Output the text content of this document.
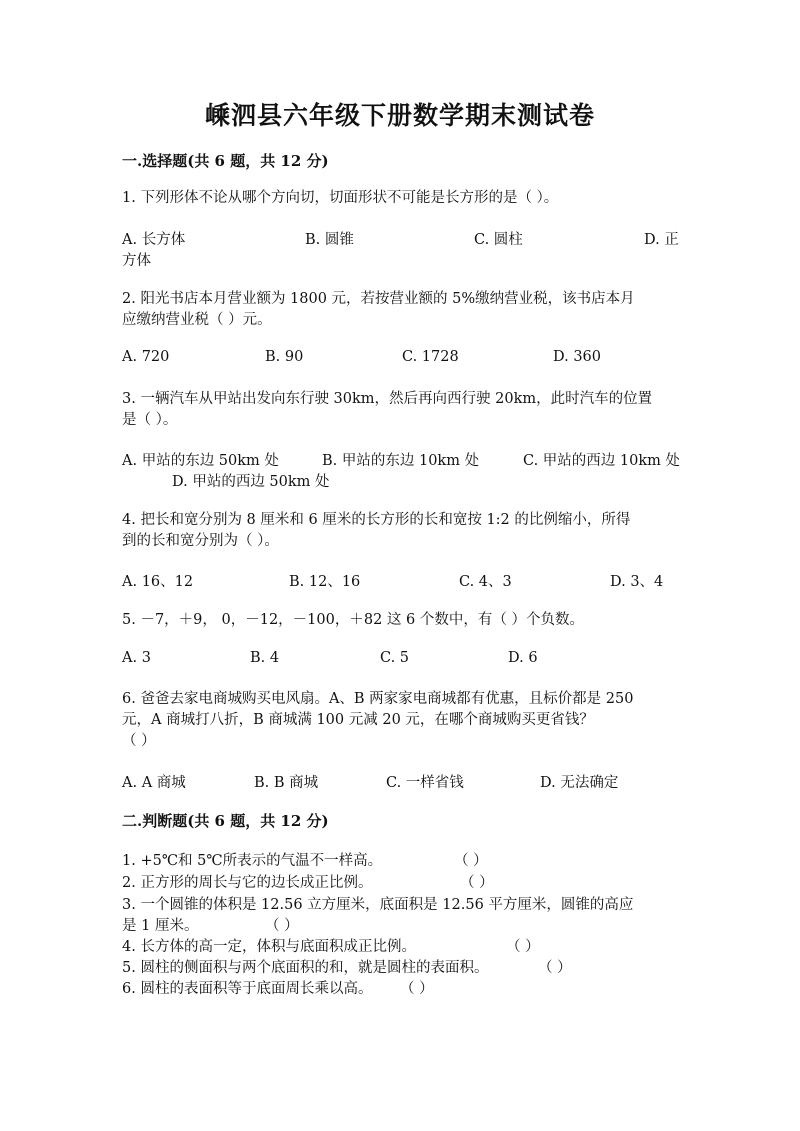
嵊泗县六年级下册数学期末测试卷
一.选择题(共 6 题，共 12 分)
1. 下列形体不论从哪个方向切，切面形状不可能是长方形的是（ ）。
A. 长方体	B. 圆锥	C. 圆柱	D. 正
方体
2. 阳光书店本月营业额为 1800 元，若按营业额的 5%缴纳营业税，该书店本月
应缴纳营业税（ ）元。
A. 720	B. 90	C. 1728	D. 360
3. 一辆汽车从甲站出发向东行驶 30km，然后再向西行驶 20km，此时汽车的位置
是（ ）。
A. 甲站的东边 50km 处	B. 甲站的东边 10km 处	C. 甲站的西边 10km 处
D. 甲站的西边 50km 处
4. 把长和宽分别为 8 厘米和 6 厘米的长方形的长和宽按 1:2 的比例缩小，所得
到的长和宽分别为（ ）。
A. 16、12	B. 12、16	C. 4、3	D. 3、4
5. －7，＋9， 0，－12，－100，＋82 这 6 个数中，有（ ）个负数。
A. 3	B. 4	C. 5	D. 6
6. 爸爸去家电商城购买电风扇。A、B 两家家电商城都有优惠，且标价都是 250
元，A 商城打八折，B 商城满 100 元减 20 元，在哪个商城购买更省钱？
（ ）
A. A 商城	B. B 商城	C. 一样省钱	D. 无法确定
二.判断题(共 6 题，共 12 分)
1. +5℃和 5℃所表示的气温不一样高。	（ ）
2. 正方形的周长与它的边长成正比例。	（ ）
3. 一个圆锥的体积是 12.56 立方厘米，底面积是 12.56 平方厘米，圆锥的高应
是 1 厘米。	（ ）
4. 长方体的高一定，体积与底面积成正比例。	（ ）
5. 圆柱的侧面积与两个底面积的和，就是圆柱的表面积。	（ ）
6. 圆柱的表面积等于底面周长乘以高。 （ ）
